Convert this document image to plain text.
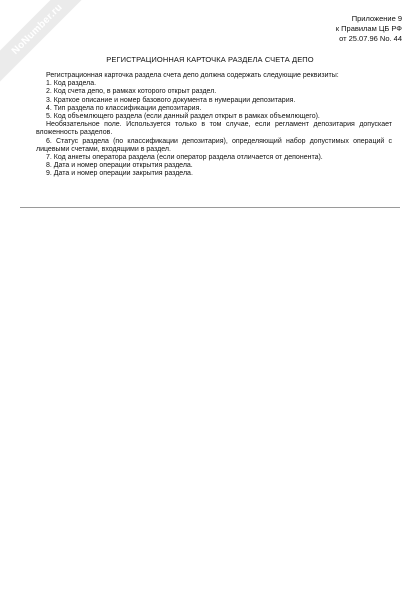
NoNumber.ru	Приложение 9
к Правилам ЦБ РФ
от 25.07.96 No. 44
РЕГИСТРАЦИОННАЯ КАРТОЧКА РАЗДЕЛА СЧЕТА ДЕПО

Регистрационная карточка раздела счета депо должна содержать следующие реквизиты:

1. Код раздела.

2. Код счета депо, в рамках которого открыт раздел.

3. Краткое описание и номер базового документа в нумерации депозитария.

4. Тип раздела по классификации депозитария.

5. Код объемлющего раздела (если данный раздел открыт в рамках объемлющего).

Необязательное поле. Используется только в том случае, если регламент депозитария допускает вложенность разделов.

6. Статус раздела (по классификации депозитария), определяющий набор допустимых операций с лицевыми счетами, входящими в раздел.

7. Код анкеты оператора раздела (если оператор раздела отличается от депонента).

8. Дата и номер операции открытия раздела.

9. Дата и номер операции закрытия раздела.
